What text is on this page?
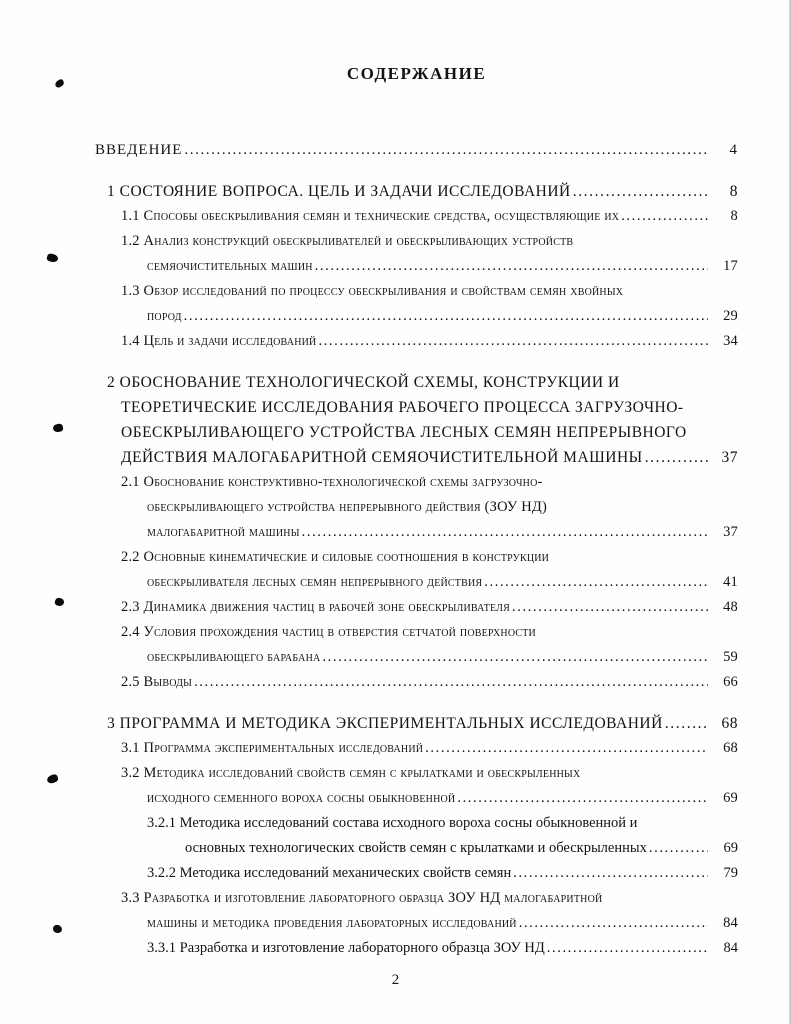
СОДЕРЖАНИЕ
ВВЕДЕНИЕ .....	4
1 СОСТОЯНИЕ ВОПРОСА. ЦЕЛЬ И ЗАДАЧИ ИССЛЕДОВАНИЙ .....	8
1.1 Способы обескрыливания семян и технические средства, осуществляющие их .....	8
1.2 Анализ конструкций обескрыливателей и обескрыливающих устройств
семяочистительных машин .....	17
1.3 Обзор исследований по процессу обескрыливания и свойствам семян хвойных
пород .....	29
1.4 Цель и задачи исследований .....	34
2 ОБОСНОВАНИЕ ТЕХНОЛОГИЧЕСКОЙ СХЕМЫ, КОНСТРУКЦИИ И
ТЕОРЕТИЧЕСКИЕ ИССЛЕДОВАНИЯ РАБОЧЕГО ПРОЦЕССА ЗАГРУЗОЧНО-
ОБЕСКРЫЛИВАЮЩЕГО УСТРОЙСТВА ЛЕСНЫХ СЕМЯН НЕПРЕРЫВНОГО
ДЕЙСТВИЯ МАЛОГАБАРИТНОЙ СЕМЯОЧИСТИТЕЛЬНОЙ МАШИНЫ .....	37
2.1 Обоснование конструктивно-технологической схемы загрузочно-
обескрыливающего устройства непрерывного действия (ЗОУ НД)
малогабаритной машины .....	37
2.2 Основные кинематические и силовые соотношения в конструкции
обескрыливателя лесных семян непрерывного действия .....	41
2.3 Динамика движения частиц в рабочей зоне обескрыливателя .....	48
2.4 Условия прохождения частиц в отверстия сетчатой поверхности
обескрыливающего барабана .....	59
2.5 Выводы .....	66
3 ПРОГРАММА И МЕТОДИКА ЭКСПЕРИМЕНТАЛЬНЫХ ИССЛЕДОВАНИЙ .....	68
3.1 Программа экспериментальных исследований .....	68
3.2 Методика исследований свойств семян с крылатками и обескрыленных
исходного семенного вороха сосны обыкновенной .....	69
3.2.1 Методика исследований состава исходного вороха сосны обыкновенной и
основных технологических свойств семян с крылатками и обескрыленных .....	69
3.2.2 Методика исследований механических свойств семян .....	79
3.3 Разработка и изготовление лабораторного образца ЗОУ НД малогабаритной
машины и методика проведения лабораторных исследований .....	84
3.3.1 Разработка и изготовление лабораторного образца ЗОУ НД .....	84
2
